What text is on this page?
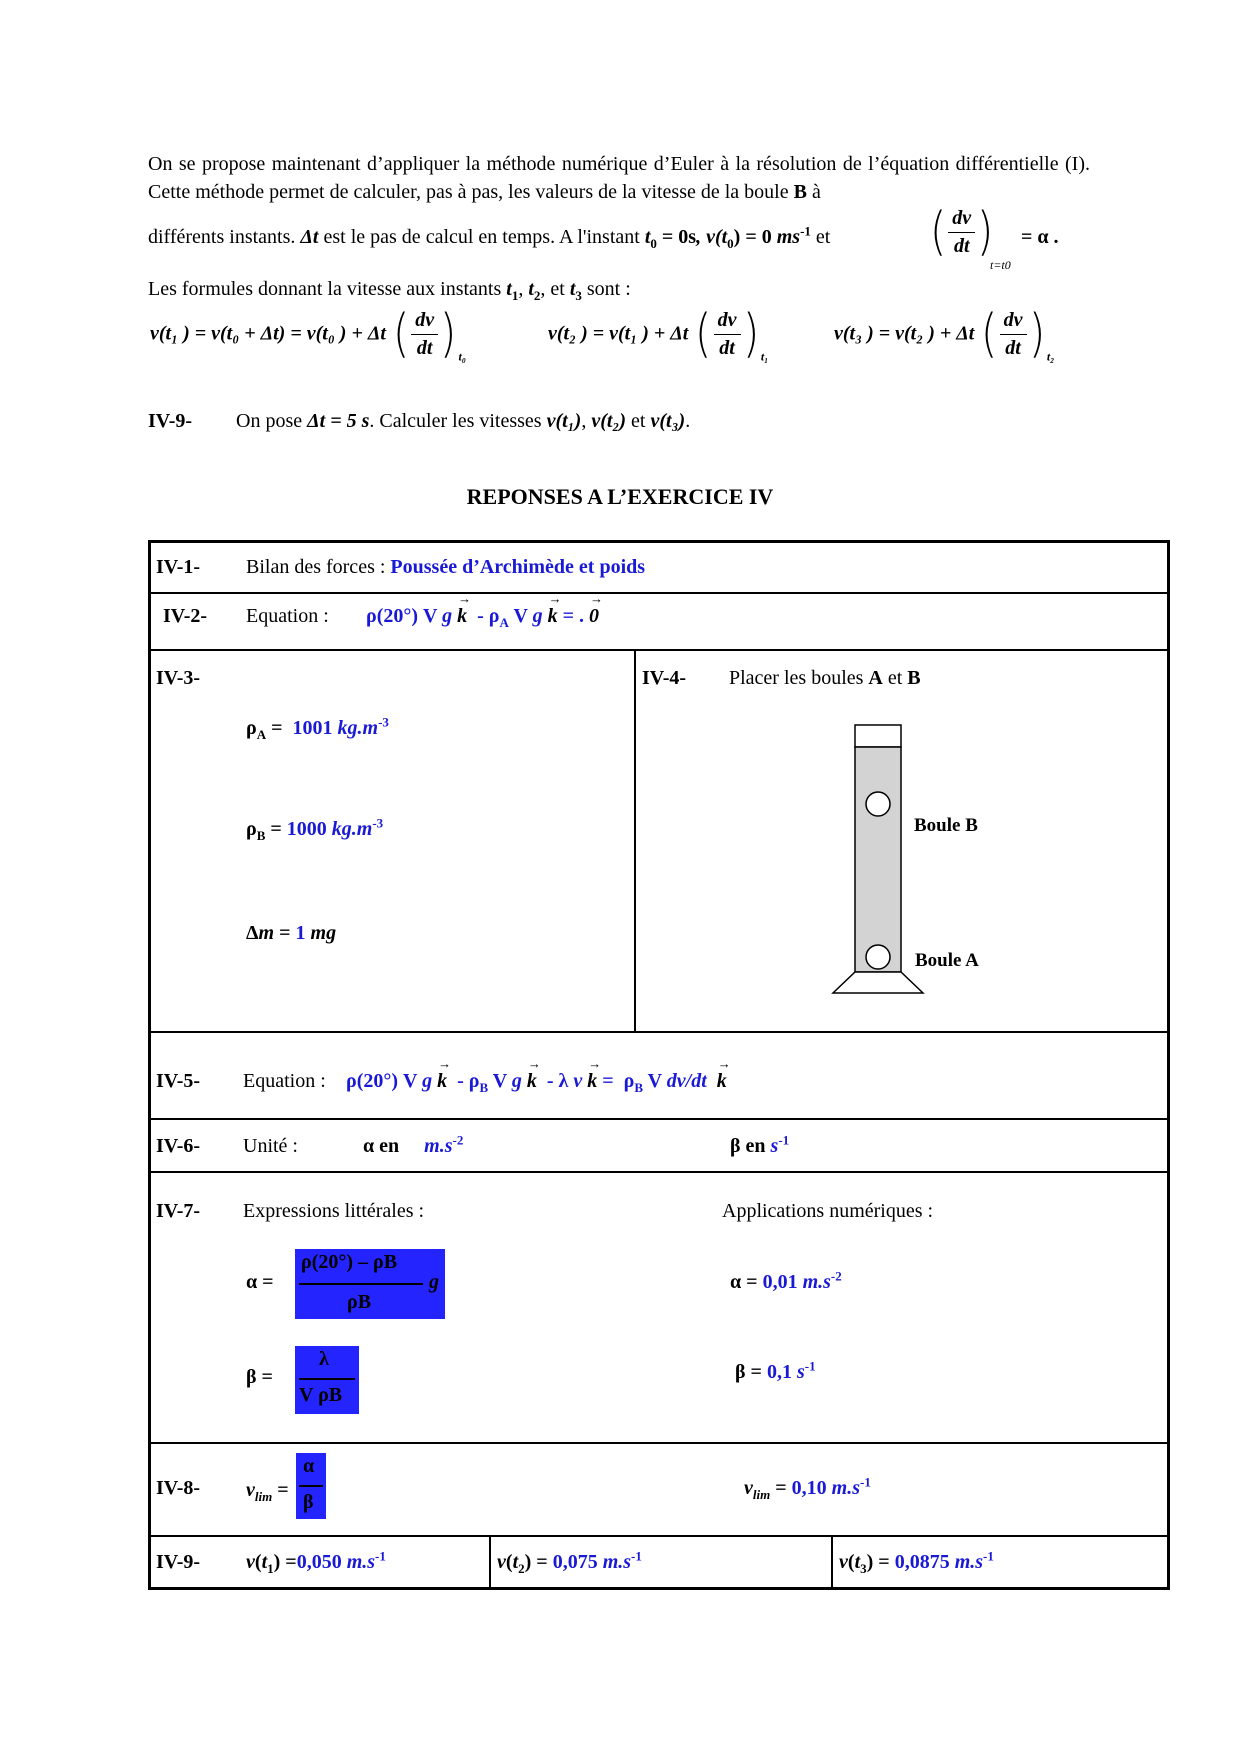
On se propose maintenant d’appliquer la méthode numérique d’Euler à la résolution de l’équation différentielle (I). Cette méthode permet de calculer, pas à pas, les valeurs de la vitesse de la boule B à
différents instants. Δt est le pas de calcul en temps. A l'instant $t_0 = 0s$, $v(t_0) = 0$ $ms^{-1}$ et ( $\frac{dv}{dt}$ )
t=t0
= α .
Les formules donnant la vitesse aux instants $t_1$, $t_2$, et $t_3$ sont :
v(t₁ ) = v(t₀ + Δt) = v(t₀ ) + Δt ( $\frac{dv}{dt}$ ) $_{t_0}$
v(t₂ ) = v(t₁ ) + Δt ( $\frac{dv}{dt}$ ) $_{t_1}$
v(t₃ ) = v(t₂ ) + Δt ( $\frac{dv}{dt}$ ) $_{t_2}$
IV-9- On pose Δt = 5 s. Calculer les vitesses v(t₁), v(t₂) et v(t₃).
REPONSES A L’EXERCICE IV
IV-1- Bilan des forces : Poussée d’Archimède et poids
IV-2- Equation : ρ(20°) V $g \to k - \rho_A$ V g → k = . → 0
IV-3-
$\rho_A = 1001$ $kg.m^{-3}$
$\rho_B = 1000$ $kg.m^{-3}$
Δm = 1 mg
IV-4- Placer les boules A et B
Boule B
Boule A
IV-5- Equation : ρ(20°) V $g \to k - \rho_B$ V g → k  - λ $v \to k = \rho_B$ V dv/dt → k
IV-6- Unité :	α en $m.s^{-2}$	β en $s^{-1}$
IV-7- Expressions littérales :	Applications numériques :
α =
ρ(20°) – ρB
ρB
g
β =
λ
V ρB
α = 0,01 $m.s^{-2}$
β = 0,1 $s^{-1}$
IV-8- $v_{lim}$ =
α
β
$v_{lim} = 0,10$ $m.s^{-1}$
IV-9- $v(t_1) =0,050$ $m.s^{-1}$	$v(t_2) = 0,075$ $m.s^{-1}$	$v(t_3) = 0,0875$ $m.s^{-1}$
